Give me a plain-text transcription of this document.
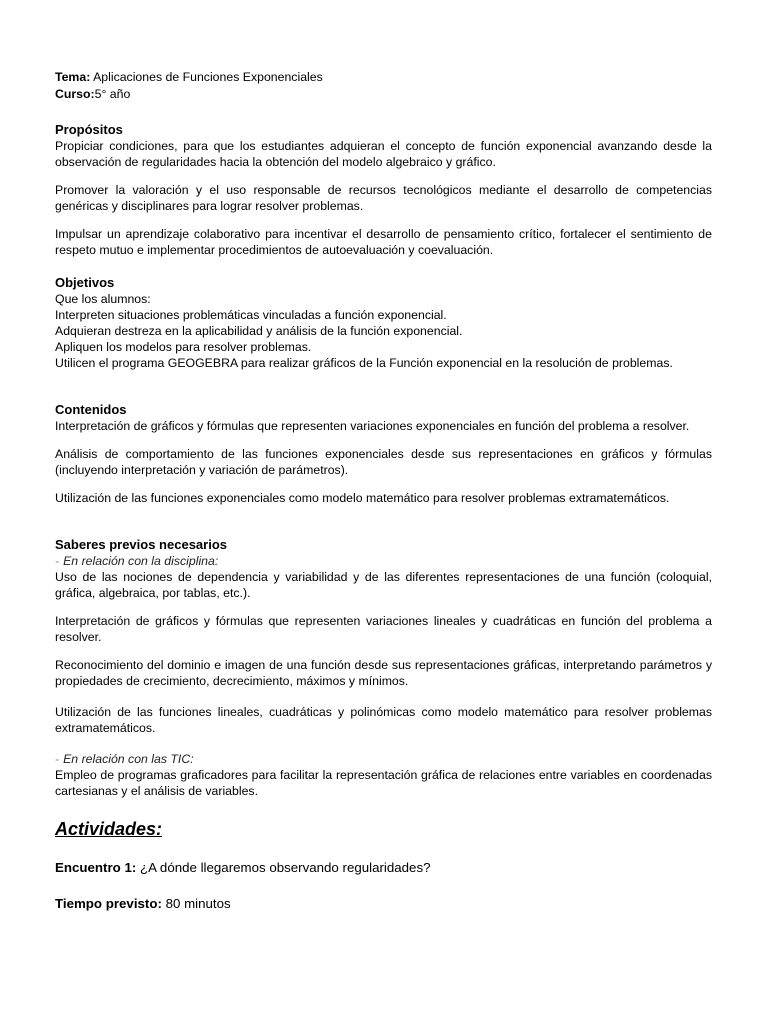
Tema: Aplicaciones de Funciones Exponenciales

Curso:5° año

Propósitos

Propiciar condiciones, para que los estudiantes adquieran el concepto de función exponencial avanzando desde la observación de regularidades hacia la obtención del modelo algebraico y gráfico.

Promover la valoración y el uso responsable de recursos tecnológicos mediante el desarrollo de competencias genéricas y disciplinares para lograr resolver problemas.

Impulsar un aprendizaje colaborativo para incentivar el desarrollo de pensamiento crítico, fortalecer el sentimiento de respeto mutuo e implementar procedimientos de autoevaluación y coevaluación.

Objetivos

Que los alumnos:

Interpreten situaciones problemáticas vinculadas a función exponencial.

Adquieran destreza en la aplicabilidad y análisis de la función exponencial.

Apliquen los modelos para resolver problemas.

Utilicen el programa GEOGEBRA para realizar gráficos de la Función exponencial en la resolución de problemas.

Contenidos

Interpretación de gráficos y fórmulas que representen variaciones exponenciales en función del problema a resolver.

Análisis de comportamiento de las funciones exponenciales desde sus representaciones en gráficos y fórmulas (incluyendo interpretación y variación de parámetros).

Utilización de las funciones exponenciales como modelo matemático para resolver problemas extramatemáticos.

Saberes previos necesarios

- En relación con la disciplina:

Uso de las nociones de dependencia y variabilidad y de las diferentes representaciones de una función (coloquial, gráfica, algebraica, por tablas, etc.).

Interpretación de gráficos y fórmulas que representen variaciones lineales y cuadráticas en función del problema a resolver.

Reconocimiento del dominio e imagen de una función desde sus representaciones gráficas, interpretando parámetros y propiedades de crecimiento, decrecimiento, máximos y mínimos.

Utilización de las funciones lineales, cuadráticas y polinómicas como modelo matemático para resolver problemas extramatemáticos.

- En relación con las TIC:

Empleo de programas graficadores para facilitar la representación gráfica de relaciones entre variables en coordenadas cartesianas y el análisis de variables.

Actividades:

Encuentro 1: ¿A dónde llegaremos observando regularidades?

Tiempo previsto: 80 minutos
